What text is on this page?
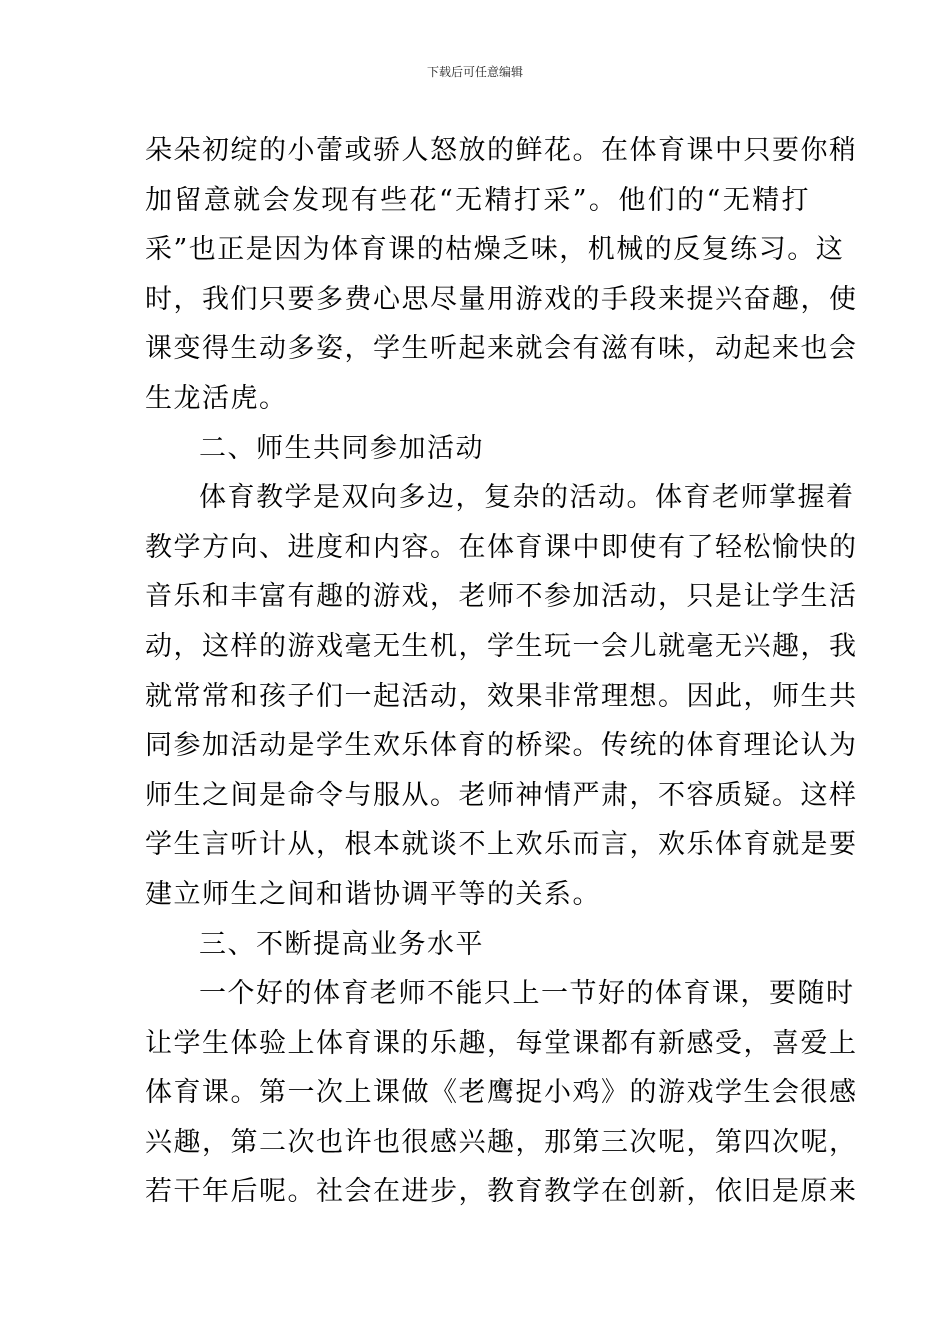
下载后可任意编辑
朵朵初绽的小蕾或骄人怒放的鲜花。在体育课中只要你稍
加留意就会发现有些花“无精打采”。他们的“无精打
采”也正是因为体育课的枯燥乏味，机械的反复练习。这
时，我们只要多费心思尽量用游戏的手段来提兴奋趣，使
课变得生动多姿，学生听起来就会有滋有味，动起来也会
生龙活虎。
二、师生共同参加活动
体育教学是双向多边，复杂的活动。体育老师掌握着
教学方向、进度和内容。在体育课中即使有了轻松愉快的
音乐和丰富有趣的游戏，老师不参加活动，只是让学生活
动，这样的游戏毫无生机，学生玩一会儿就毫无兴趣，我
就常常和孩子们一起活动，效果非常理想。因此，师生共
同参加活动是学生欢乐体育的桥梁。传统的体育理论认为
师生之间是命令与服从。老师神情严肃，不容质疑。这样
学生言听计从，根本就谈不上欢乐而言，欢乐体育就是要
建立师生之间和谐协调平等的关系。
三、不断提高业务水平
一个好的体育老师不能只上一节好的体育课，要随时
让学生体验上体育课的乐趣，每堂课都有新感受，喜爱上
体育课。第一次上课做《老鹰捉小鸡》的游戏学生会很感
兴趣，第二次也许也很感兴趣，那第三次呢，第四次呢，
若干年后呢。社会在进步，教育教学在创新，依旧是原来
